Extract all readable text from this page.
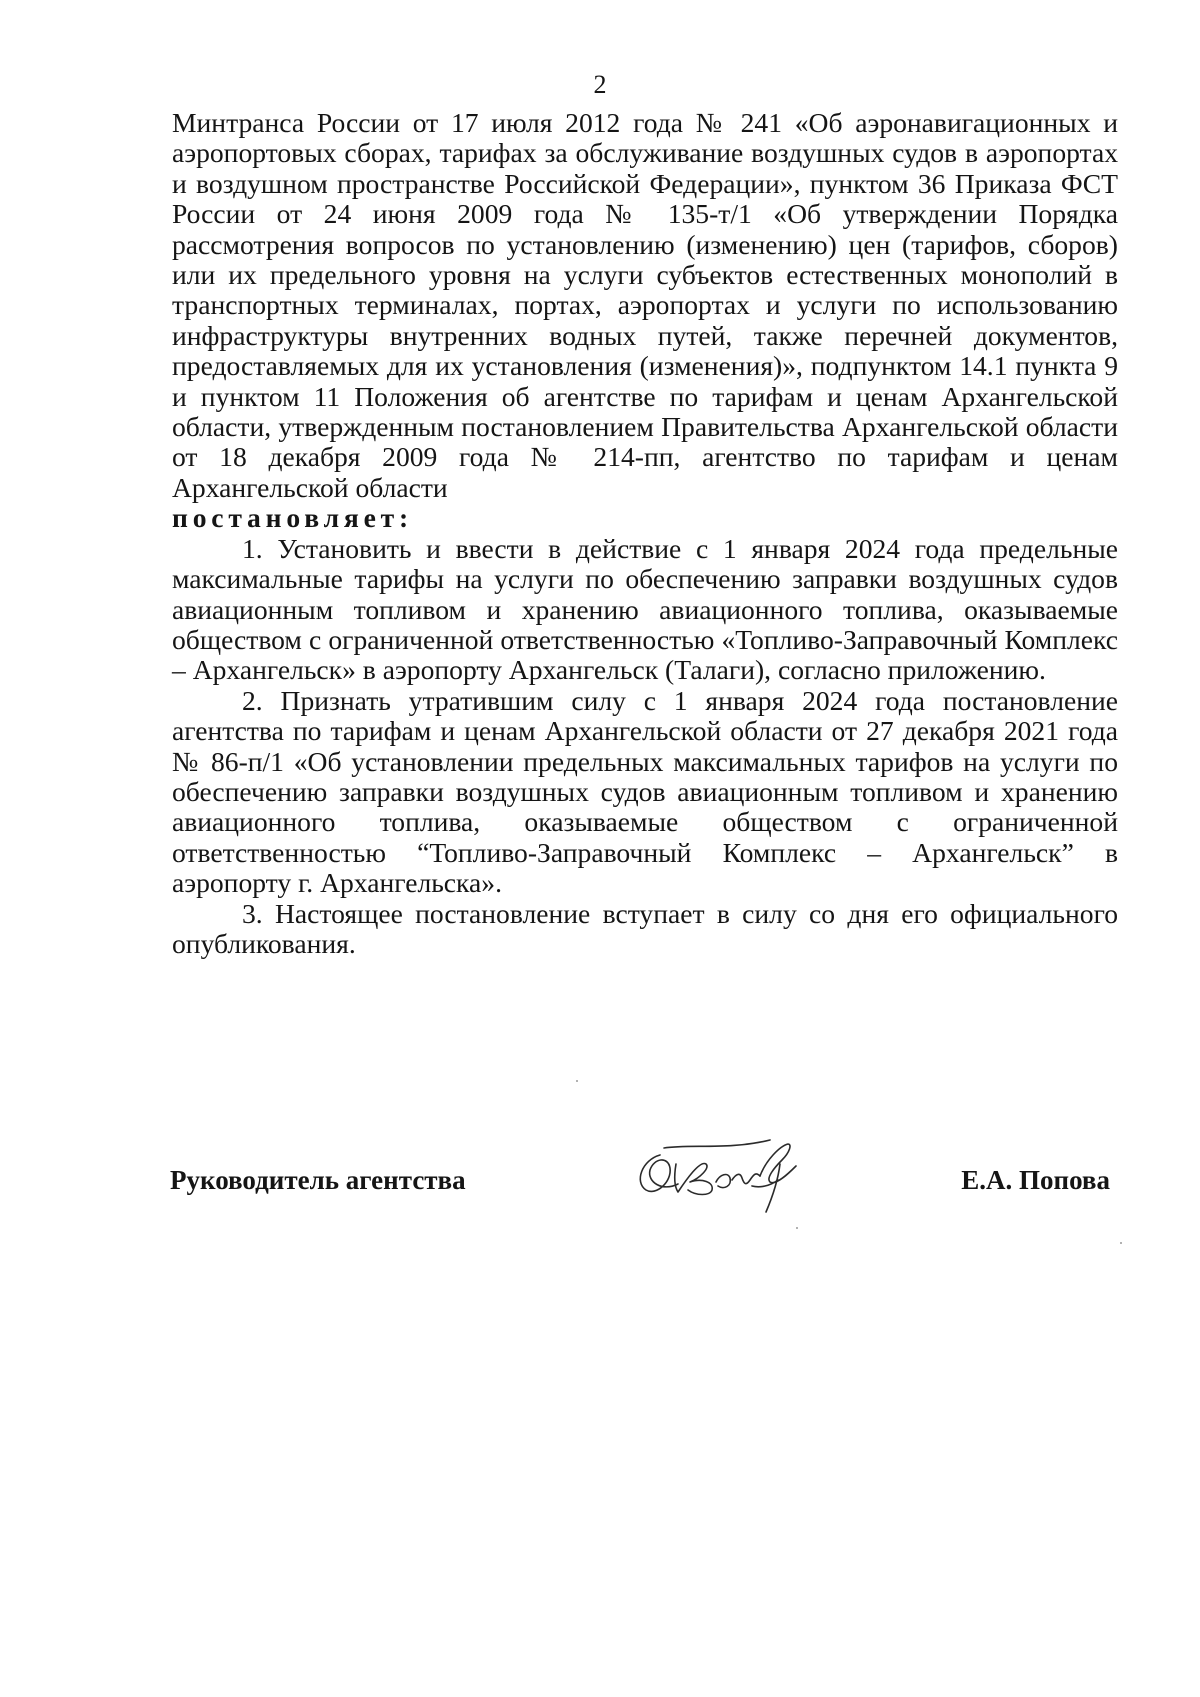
2

Минтранса России от 17 июля 2012 года № 241 «Об аэронавигационных и аэропортовых сборах, тарифах за обслуживание воздушных судов в аэропортах и воздушном пространстве Российской Федерации», пунктом 36 Приказа ФСТ России от 24 июня 2009 года № 135-т/1 «Об утверждении Порядка рассмотрения вопросов по установлению (изменению) цен (тарифов, сборов) или их предельного уровня на услуги субъектов естественных монополий в транспортных терминалах, портах, аэропортах и услуги по использованию инфраструктуры внутренних водных путей, также перечней документов, предоставляемых для их установления (изменения)», подпунктом 14.1 пункта 9 и пунктом 11 Положения об агентстве по тарифам и ценам Архангельской области, утвержденным постановлением Правительства Архангельской области от 18 декабря 2009 года № 214-пп, агентство по тарифам и ценам Архангельской области

постановляет:

1. Установить и ввести в действие с 1 января 2024 года предельные максимальные тарифы на услуги по обеспечению заправки воздушных судов авиационным топливом и хранению авиационного топлива, оказываемые обществом с ограниченной ответственностью «Топливо-Заправочный Комплекс – Архангельск» в аэропорту Архангельск (Талаги), согласно приложению.

2. Признать утратившим силу с 1 января 2024 года постановление агентства по тарифам и ценам Архангельской области от 27 декабря 2021 года № 86-п/1 «Об установлении предельных максимальных тарифов на услуги по обеспечению заправки воздушных судов авиационным топливом и хранению авиационного топлива, оказываемые обществом с ограниченной ответственностью “Топливо-Заправочный Комплекс – Архангельск” в аэропорту г. Архангельска».

3. Настоящее постановление вступает в силу со дня его официального опубликования.

Руководитель агентства	Е.А. Попова
